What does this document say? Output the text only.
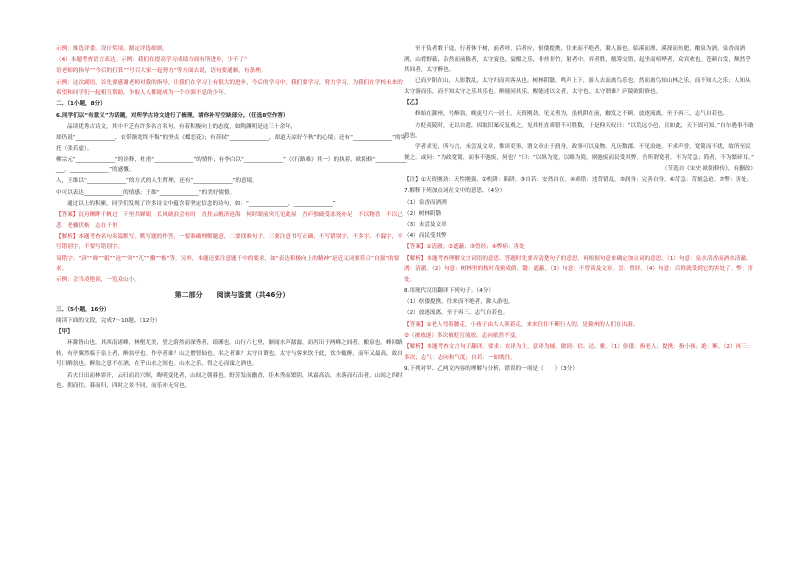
示例：推选评委，设计奖项，制定评选细则。

（4）本题考查语言表达。示例：我们在提高学习成绩方面有所进步，少不了“

语老师的指导”“今后的打算”“号召大家一起努力”等方面去说，语句要通顺，有条理。

示例：这次副语，首先要感谢老师对我的指导，让我们在学习上有很大的进步，今后的学习中，我们要学习，努力学习，为我们在学校未来的希望和同学们一起相互帮助，争取人人都能成为一个自强不息的少年。

二、（1小题，8分）

6.同学们以“有意义”为话题，对所学古诗文进行了梳理，请你补写空缺部分。（任选8空作答）

品读优秀古诗文，其中不乏有许多名言名句，有着积极向上的态度，如陶渊明是这三十余年，

却仍说“______________，衣带渐宽终不悔”的坚贞《蝶恋花》；有苏轼“______________，却道天凉好个秋”的心境；还有“______________”的寄托（张若虚）。

柳宗元“______________”的诠释，杜甫“______________”的情怀；有李白以“______________”（《行路难》其一）的执着，欧阳修“______________，______________”的感慨。

人，王维以“______________”的方式的人生哲理，还有“______________”的意境。

中可以表达______________的情感；王维“______________”的美好憧憬。

通过以上的积累，同学们发现了许多诗文中蕴含着坚定信念的诗句，如：“______________，______________”

【答案】沉舟侧畔千帆过　千里共婵娟　长风破浪会有时　直挂云帆济沧海　何时眼前突兀见此屋　吾庐独破受冻死亦足　不以物喜　不以己悲　老骥伏枥　志在千里

【解析】本题考查名句名篇默写。默写题的作答，一要准确理解题意，二要找准句子，三要注意书写正确，不写错别字，不多字、不漏字，不写错别字，不要写错别字。

易错字：“济”“婵”“娟”“沧”“突”“兀”“骥”“枥”等。另外，本题还要注意题干中的要求，如“表达积极向上的精神”是近义词要符合“自强”的要求。

示例：会当凌绝顶，一览众山小。

第二部分　　阅读与鉴赏（共46分）

三、（5小题，16分）

阅读下面的文段，完成7～10题。（12分）

【甲】

环滁皆山也。其西南诸峰，林壑尤美，望之蔚然而深秀者，琅琊也。山行六七里，渐闻水声潺潺，而泻出于两峰之间者，酿泉也。峰回路转，有亭翼然临于泉上者，醉翁亭也。作亭者谁？山之僧智仙也。名之者谁？太守自谓也。太守与客来饮于此，饮少辄醉，而年又最高，故自号曰醉翁也。醉翁之意不在酒，在乎山水之间也。山水之乐，得之心而寓之酒也。

若夫日出而林霏开，云归而岩穴暝，晦明变化者，山间之朝暮也。野芳发而幽香，佳木秀而繁阴，风霜高洁，水落而石出者，山间之四时也。朝而往，暮而归，四时之景不同，而乐亦无穷也。

至于负者歌于途，行者休于树，前者呼，后者应，伛偻提携，往来而不绝者，滁人游也。临溪而渔，溪深而鱼肥，酿泉为酒，泉香而酒洌，山肴野蔌，杂然而前陈者，太守宴也。宴酣之乐，非丝非竹，射者中，弈者胜，觥筹交错，起坐而喧哗者，众宾欢也。苍颜白发，颓然乎其间者，太守醉也。

已而夕阳在山，人影散乱，太守归而宾客从也。树林阴翳，鸣声上下，游人去而禽鸟乐也。然而禽鸟知山林之乐，而不知人之乐；人知从太守游而乐，而不知太守之乐其乐也。醉能同其乐，醒能述以文者，太守也。太守谓谁？庐陵欧阳修也。

【乙】

修始在滁州，号醉翁，晚更号六一居士。天资刚劲，见义勇为，虽机阱在前，触发之不顾。放逐流离，至于再三，志气自若也。

方贬夷陵时，无以自遣，因取旧案反复观之，见其枉直乖错不可胜数，于是仰天叹曰：“以荒远小邑，且如此，天下固可知。”自尔遇事不敢忽也。

学者求见，所与言，未尝及文章，惟谈吏事，谓文章止于润身，政事可以及物。凡历数郡，不见治迹，不求声誉，宽简而不扰，故所至民便之。或问：“为政宽简，而事不弛废，何也？”曰：“以纵为宽，以略为简，则弛废而民受其弊。吾所谓宽者，不为苛急；简者，不为繁碎耳。”

（节选自《宋史·欧阳修传》，有删改）

【注】①天资刚劲：天性刚强。②机阱：陷阱。③自若：安然自在。④乖错：违背错乱。⑤润身：完善自身。⑥苛急：苛刻急迫。⑦弊：害处。

7.解释下列加点词在文中的意思。（4分）

（1）泉香而酒洌

（2）树林阴翳

（3）未尝及文章

（4）而民受其弊

【答案】①清澈；②遮蔽；③曾经；④弊病：害处

【解析】本题考查理解文言词语的意思。答题时先要弄清楚句子的意思，再根据句意来确定加点词的意思。（1）句意：泉水清香而酒水清澈。洌：清澈。（2）句意：树林里的枝叶茂密成荫。翳：遮蔽。（3）句意：不曾谈及文章。尝：曾经。（4）句意：百姓就受到它的害处了。弊：害处。

8.用现代汉语翻译下列句子。（4分）

（1）伛偻提携，往来而不绝者，滁人游也。

（2）放逐流离，至于再三，志气自若也。

【答案】①老人弯着腰走，小孩子由大人领着走，来来往往不断行人的，是滁州的人们在出游。

②（被放逐）多次被贬官流放，志向依然不变。

【解析】本题考查文言句子翻译。要求：直译为主，意译为辅。做到：信、达、雅。（1）伛偻：指老人；提携：指小孩；絶：断。（2）再三：多次；志气：志向和气度；自若：一如既往。

9.下列对甲、乙两文内容的理解与分析，错误的一项是（　　）（3分）
